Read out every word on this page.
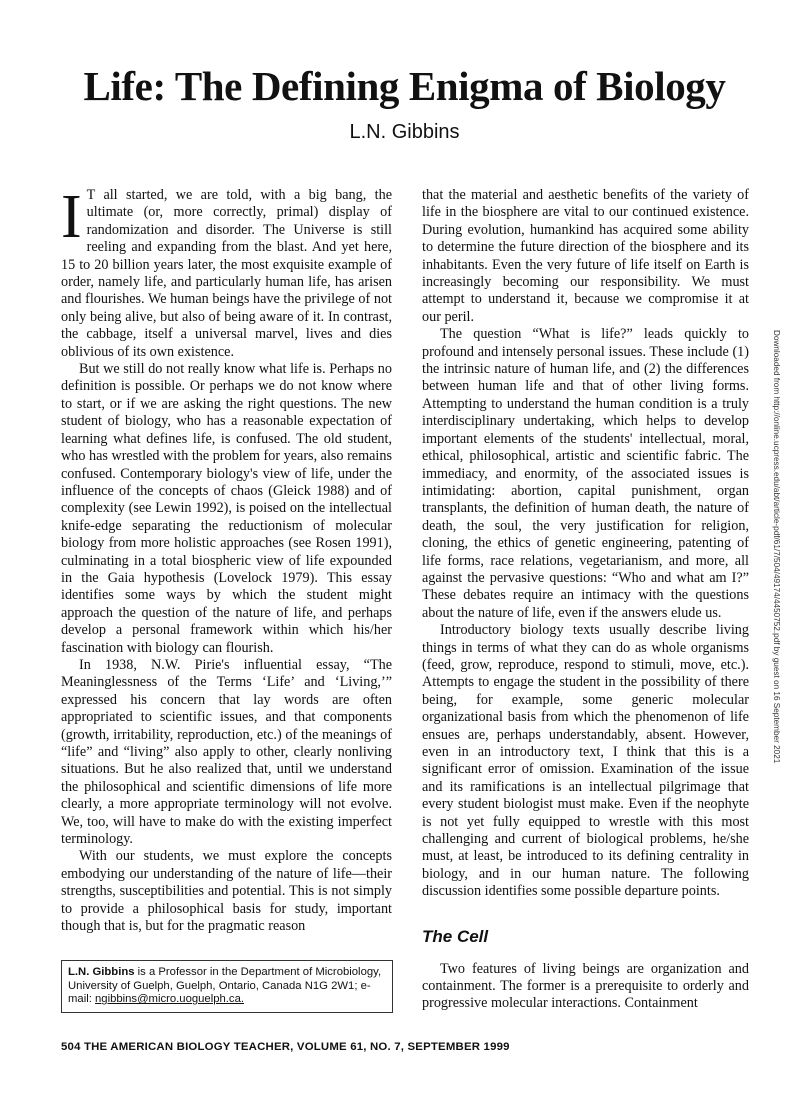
Life: The Defining Enigma of Biology
L.N. Gibbins

I T all started, we are told, with a big bang, the ultimate (or, more correctly, primal) display of randomization and disorder. The Universe is still reeling and expanding from the blast. And yet here, 15 to 20 billion years later, the most exquisite example of order, namely life, and particularly human life, has arisen and flourishes. We human beings have the privilege of not only being alive, but also of being aware of it. In contrast, the cabbage, itself a universal marvel, lives and dies oblivious of its own existence.

But we still do not really know what life is. Perhaps no definition is possible. Or perhaps we do not know where to start, or if we are asking the right questions. The new student of biology, who has a reasonable expectation of learning what defines life, is confused. The old student, who has wrestled with the problem for years, also remains confused. Contemporary biology's view of life, under the influence of the concepts of chaos (Gleick 1988) and of complexity (see Lewin 1992), is poised on the intellectual knife-edge separating the reductionism of molecular biology from more holistic approaches (see Rosen 1991), culminating in a total biospheric view of life expounded in the Gaia hypothesis (Lovelock 1979). This essay identifies some ways by which the student might approach the question of the nature of life, and perhaps develop a personal framework within which his/her fascination with biology can flourish.

In 1938, N.W. Pirie's influential essay, “The Meaninglessness of the Terms ‘Life’ and ‘Living,’” expressed his concern that lay words are often appropriated to scientific issues, and that components (growth, irritability, reproduction, etc.) of the meanings of “life” and “living” also apply to other, clearly nonliving situations. But he also realized that, until we understand the philosophical and scientific dimensions of life more clearly, a more appropriate terminology will not evolve. We, too, will have to make do with the existing imperfect terminology.

With our students, we must explore the concepts embodying our understanding of the nature of life—their strengths, susceptibilities and potential. This is not simply to provide a philosophical basis for study, important though that is, but for the pragmatic reason

that the material and aesthetic benefits of the variety of life in the biosphere are vital to our continued existence. During evolution, humankind has acquired some ability to determine the future direction of the biosphere and its inhabitants. Even the very future of life itself on Earth is increasingly becoming our responsibility. We must attempt to understand it, because we compromise it at our peril.

The question “What is life?” leads quickly to profound and intensely personal issues. These include (1) the intrinsic nature of human life, and (2) the differences between human life and that of other living forms. Attempting to understand the human condition is a truly interdisciplinary undertaking, which helps to develop important elements of the students' intellectual, moral, ethical, philosophical, artistic and scientific fabric. The immediacy, and enormity, of the associated issues is intimidating: abortion, capital punishment, organ transplants, the definition of human death, the nature of death, the soul, the very justification for religion, cloning, the ethics of genetic engineering, patenting of life forms, race relations, vegetarianism, and more, all against the pervasive questions: “Who and what am I?” These debates require an intimacy with the questions about the nature of life, even if the answers elude us.

Introductory biology texts usually describe living things in terms of what they can do as whole organisms (feed, grow, reproduce, respond to stimuli, move, etc.). Attempts to engage the student in the possibility of there being, for example, some generic molecular organizational basis from which the phenomenon of life ensues are, perhaps understandably, absent. However, even in an introductory text, I think that this is a significant error of omission. Examination of the issue and its ramifications is an intellectual pilgrimage that every student biologist must make. Even if the neophyte is not yet fully equipped to wrestle with this most challenging and current of biological problems, he/she must, at least, be introduced to its defining centrality in biology, and in our human nature. The following discussion identifies some possible departure points.

The Cell

Two features of living beings are organization and containment. The former is a prerequisite to orderly and progressive molecular interactions. Containment

L.N. Gibbins is a Professor in the Department of Microbiology, University of Guelph, Guelph, Ontario, Canada N1G 2W1; e-mail: ngibbins@micro.uoguelph.ca.
504 THE AMERICAN BIOLOGY TEACHER, VOLUME 61, NO. 7, SEPTEMBER 1999
Downloaded from http://online.ucpress.edu/abt/article-pdf/61/7/504/49174/4450752.pdf by guest on 16 September 2021
